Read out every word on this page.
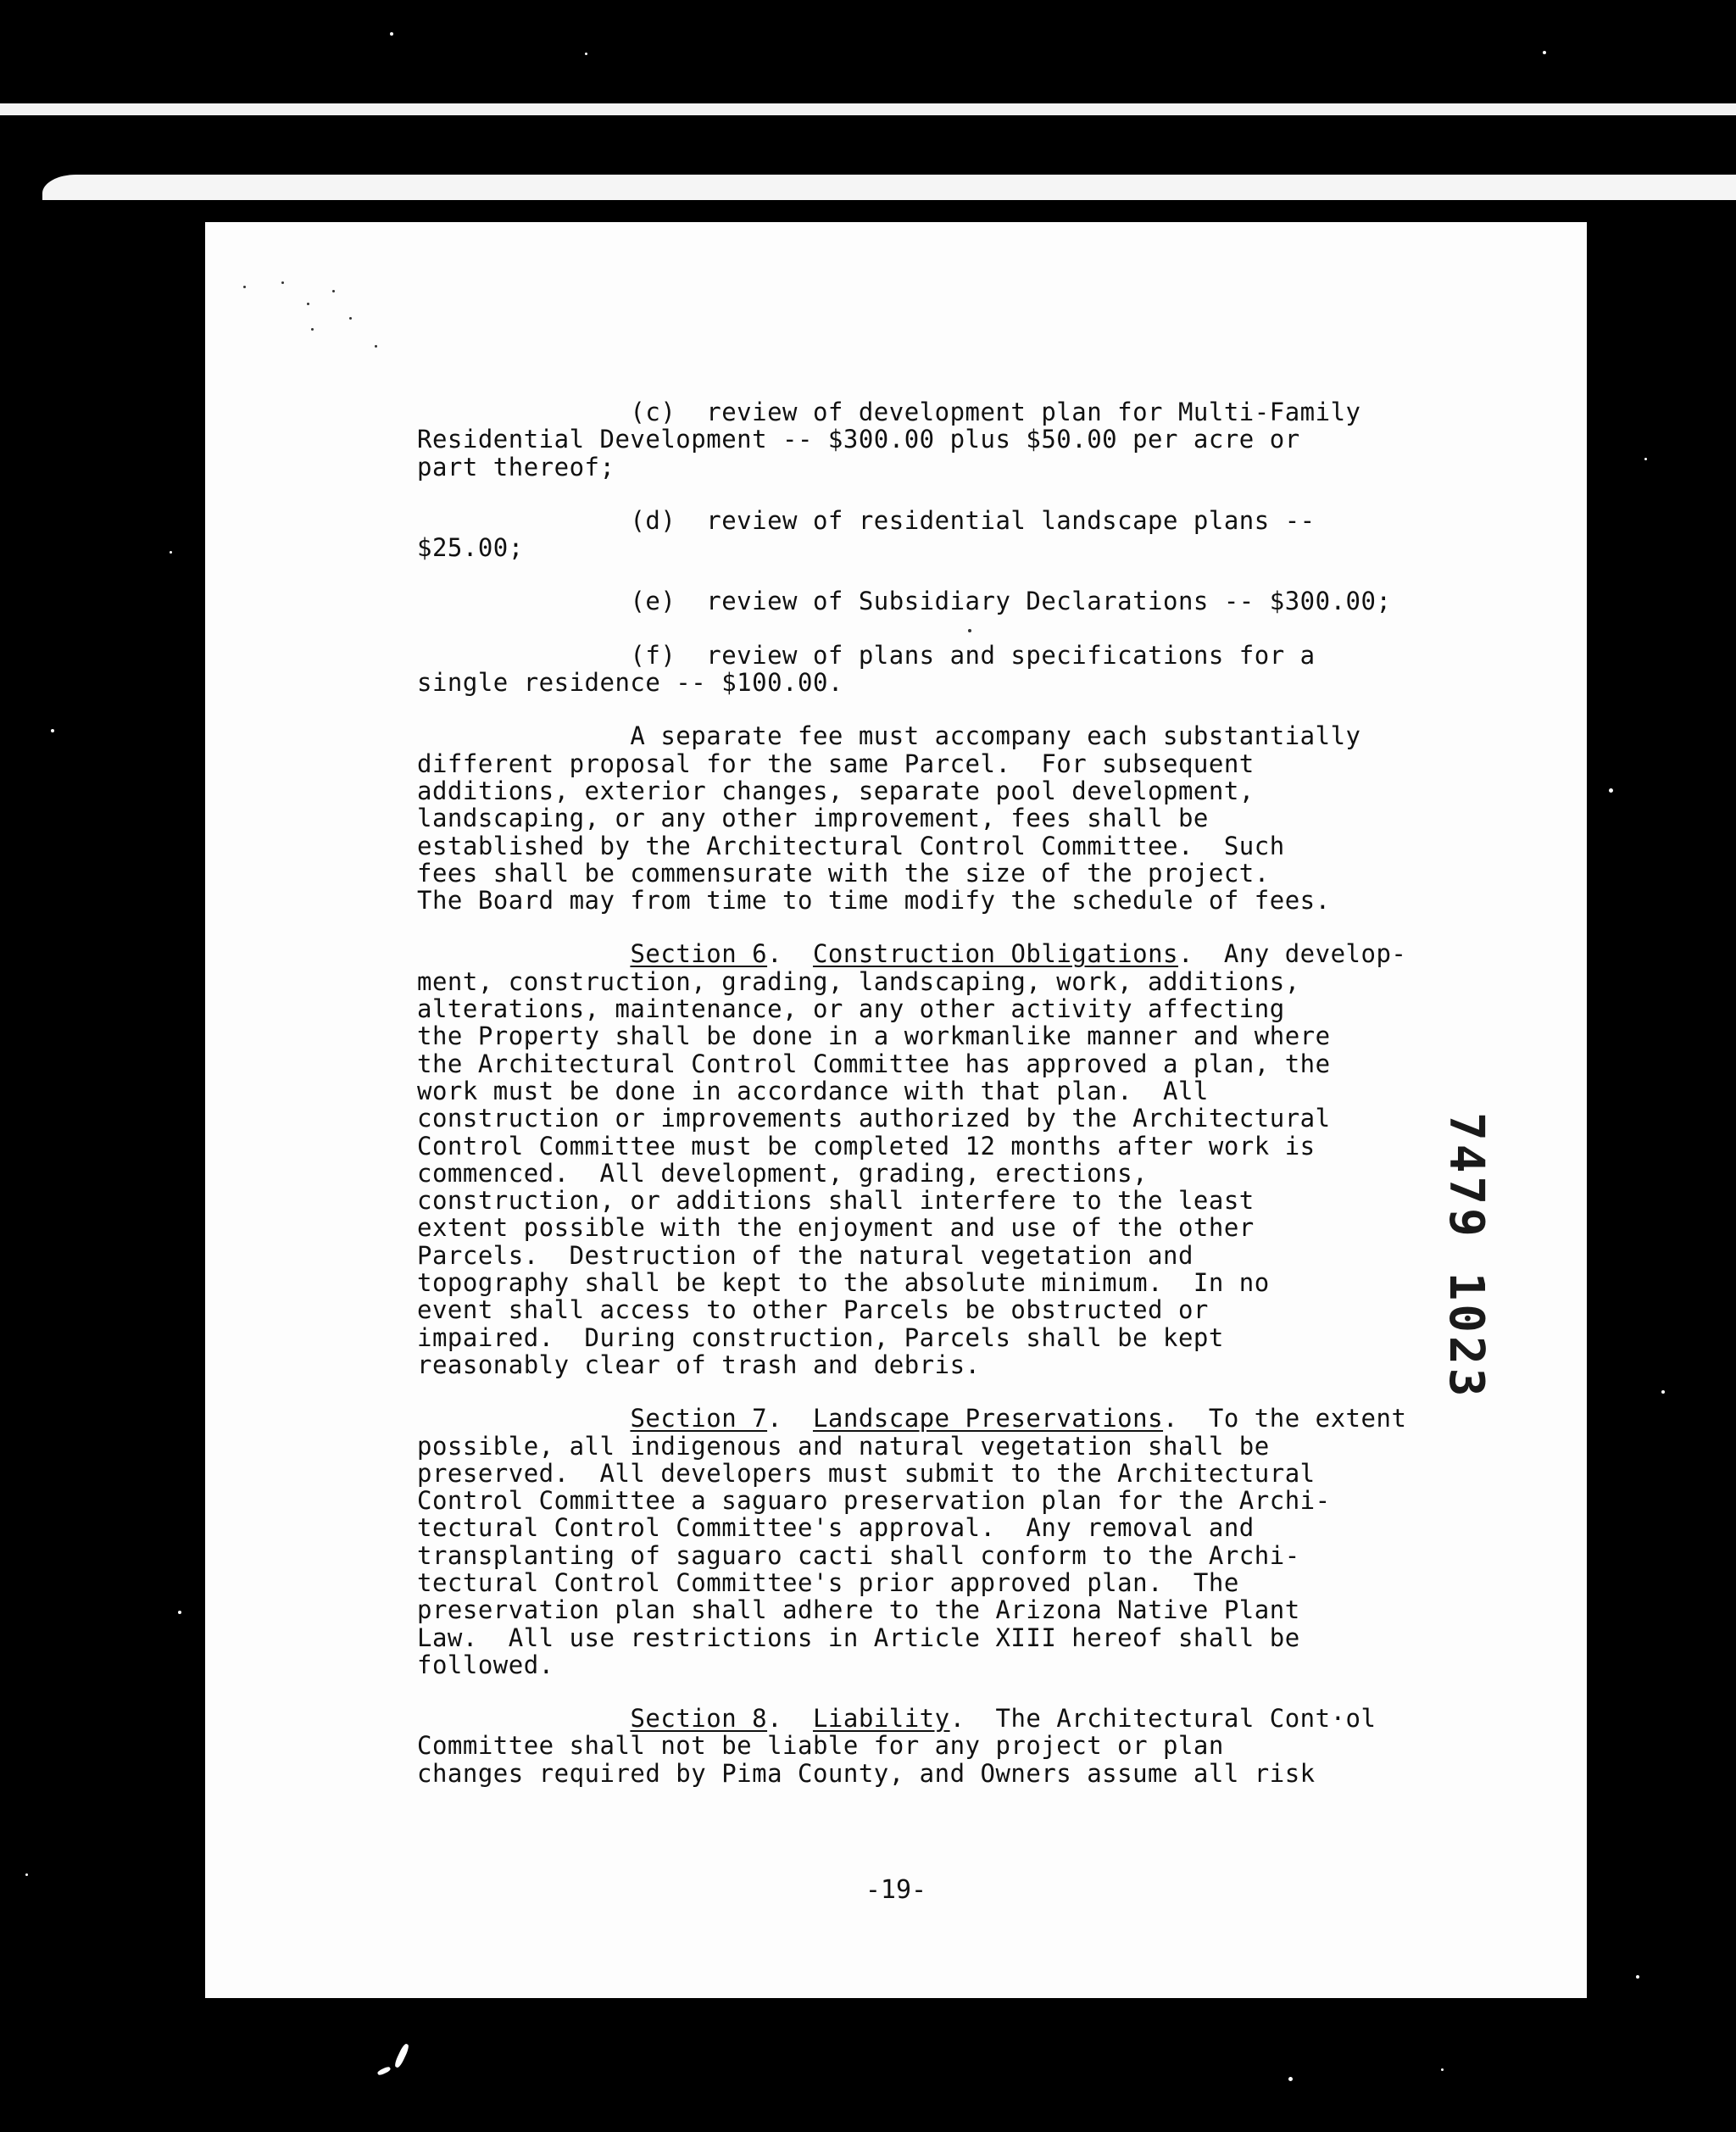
(c)  review of development plan for Multi-Family

Residential Development -- $300.00 plus $50.00 per acre or

part thereof;

(d)  review of residential landscape plans --

$25.00;

(e)  review of Subsidiary Declarations -- $300.00;

(f)  review of plans and specifications for a

single residence -- $100.00.

A separate fee must accompany each substantially

different proposal for the same Parcel.  For subsequent

additions, exterior changes, separate pool development,

landscaping, or any other improvement, fees shall be

established by the Architectural Control Committee.  Such

fees shall be commensurate with the size of the project.

The Board may from time to time modify the schedule of fees.

Section 6.  Construction Obligations.  Any develop-

ment, construction, grading, landscaping, work, additions,

alterations, maintenance, or any other activity affecting

the Property shall be done in a workmanlike manner and where

the Architectural Control Committee has approved a plan, the

work must be done in accordance with that plan.  All

construction or improvements authorized by the Architectural

Control Committee must be completed 12 months after work is

commenced.  All development, grading, erections,

construction, or additions shall interfere to the least

extent possible with the enjoyment and use of the other

Parcels.  Destruction of the natural vegetation and

topography shall be kept to the absolute minimum.  In no

event shall access to other Parcels be obstructed or

impaired.  During construction, Parcels shall be kept

reasonably clear of trash and debris.

Section 7.  Landscape Preservations.  To the extent

possible, all indigenous and natural vegetation shall be

preserved.  All developers must submit to the Architectural

Control Committee a saguaro preservation plan for the Archi-

tectural Control Committee's approval.  Any removal and

transplanting of saguaro cacti shall conform to the Archi-

tectural Control Committee's prior approved plan.  The

preservation plan shall adhere to the Arizona Native Plant

Law.  All use restrictions in Article XIII hereof shall be

followed.

Section 8.  Liability.  The Architectural Cont·ol

Committee shall not be liable for any project or plan

changes required by Pima County, and Owners assume all risk

7479 1023
-19-
